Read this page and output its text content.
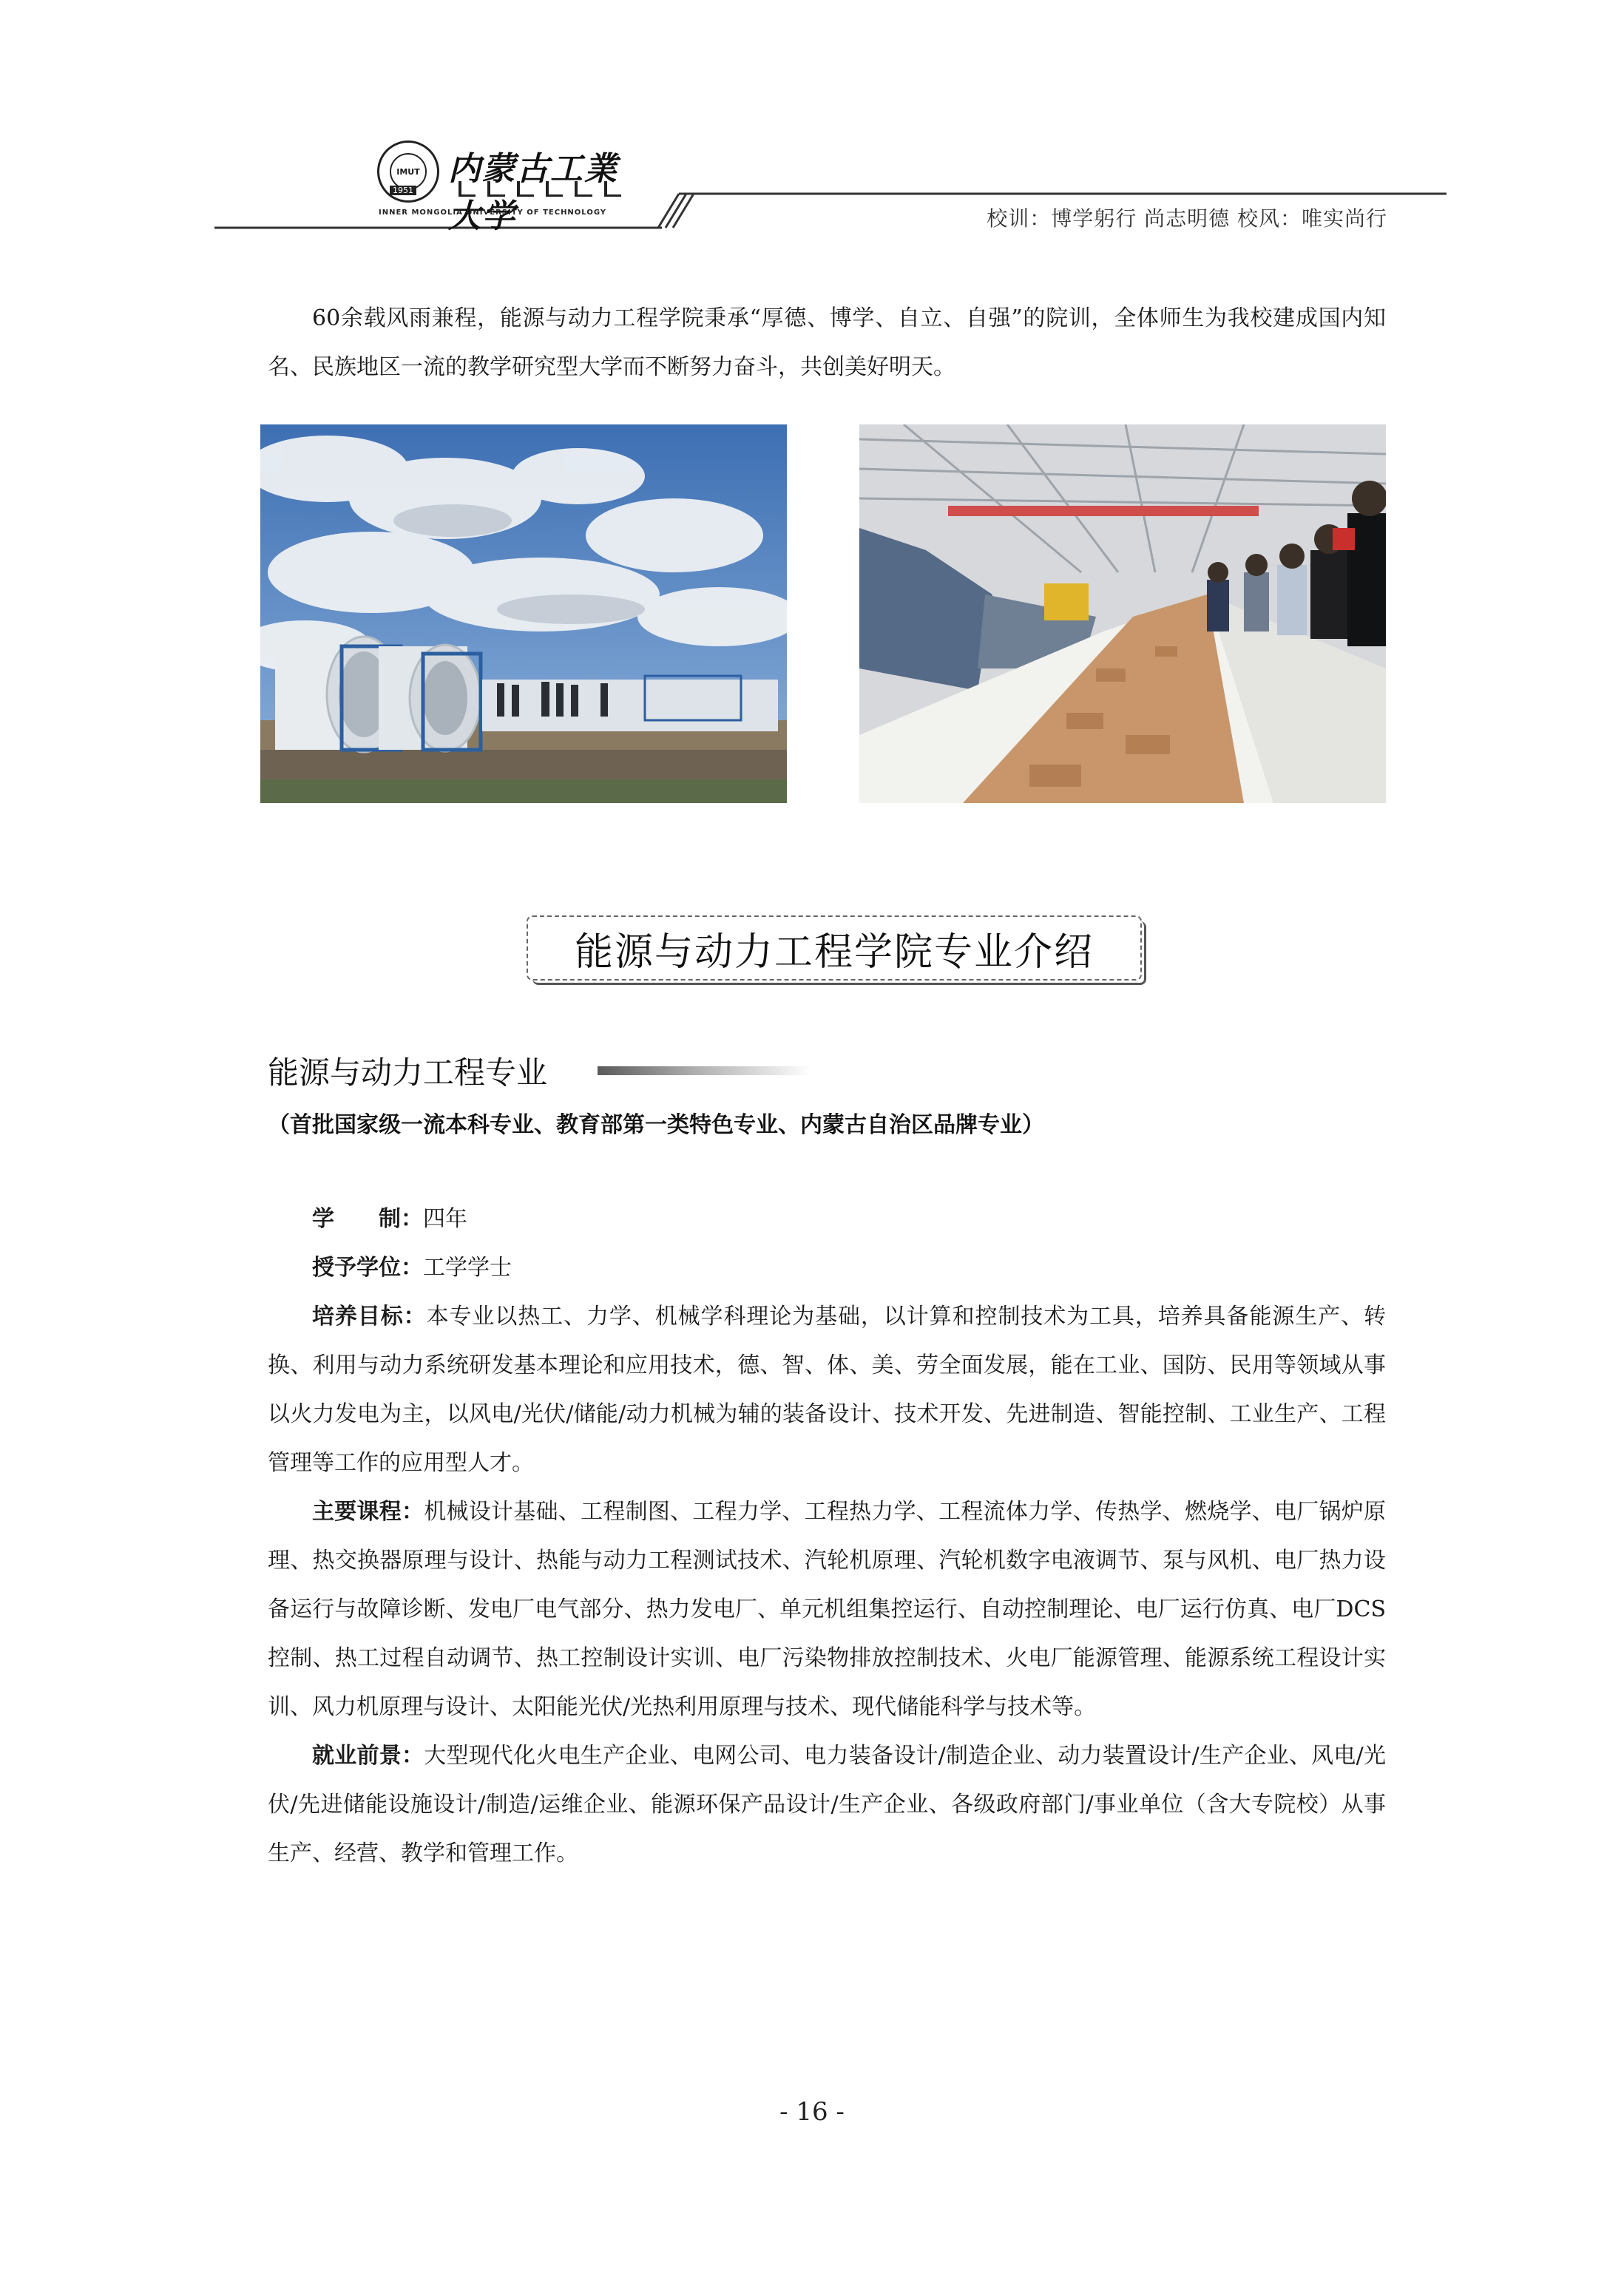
IMUT
1951
内蒙古工業大学
INNER MONGOLIA UNIVERSITY OF TECHNOLOGY	校训：博学躬行 尚志明德 校风：唯实尚行

60余载风雨兼程，能源与动力工程学院秉承“厚德、博学、自立、自强”的院训，全体师生为我校建成国内知名、民族地区一流的教学研究型大学而不断努力奋斗，共创美好明天。

能源与动力工程学院专业介绍
能源与动力工程专业
（首批国家级一流本科专业、教育部第一类特色专业、内蒙古自治区品牌专业）

学　　制：四年

授予学位：工学学士

培养目标：本专业以热工、力学、机械学科理论为基础，以计算和控制技术为工具，培养具备能源生产、转换、利用与动力系统研发基本理论和应用技术，德、智、体、美、劳全面发展，能在工业、国防、民用等领域从事以火力发电为主，以风电/光伏/储能/动力机械为辅的装备设计、技术开发、先进制造、智能控制、工业生产、工程管理等工作的应用型人才。

主要课程：机械设计基础、工程制图、工程力学、工程热力学、工程流体力学、传热学、燃烧学、电厂锅炉原理、热交换器原理与设计、热能与动力工程测试技术、汽轮机原理、汽轮机数字电液调节、泵与风机、电厂热力设备运行与故障诊断、发电厂电气部分、热力发电厂、单元机组集控运行、自动控制理论、电厂运行仿真、电厂DCS控制、热工过程自动调节、热工控制设计实训、电厂污染物排放控制技术、火电厂能源管理、能源系统工程设计实训、风力机原理与设计、太阳能光伏/光热利用原理与技术、现代储能科学与技术等。

就业前景：大型现代化火电生产企业、电网公司、电力装备设计/制造企业、动力装置设计/生产企业、风电/光伏/先进储能设施设计/制造/运维企业、能源环保产品设计/生产企业、各级政府部门/事业单位（含大专院校）从事生产、经营、教学和管理工作。

- 16 -
